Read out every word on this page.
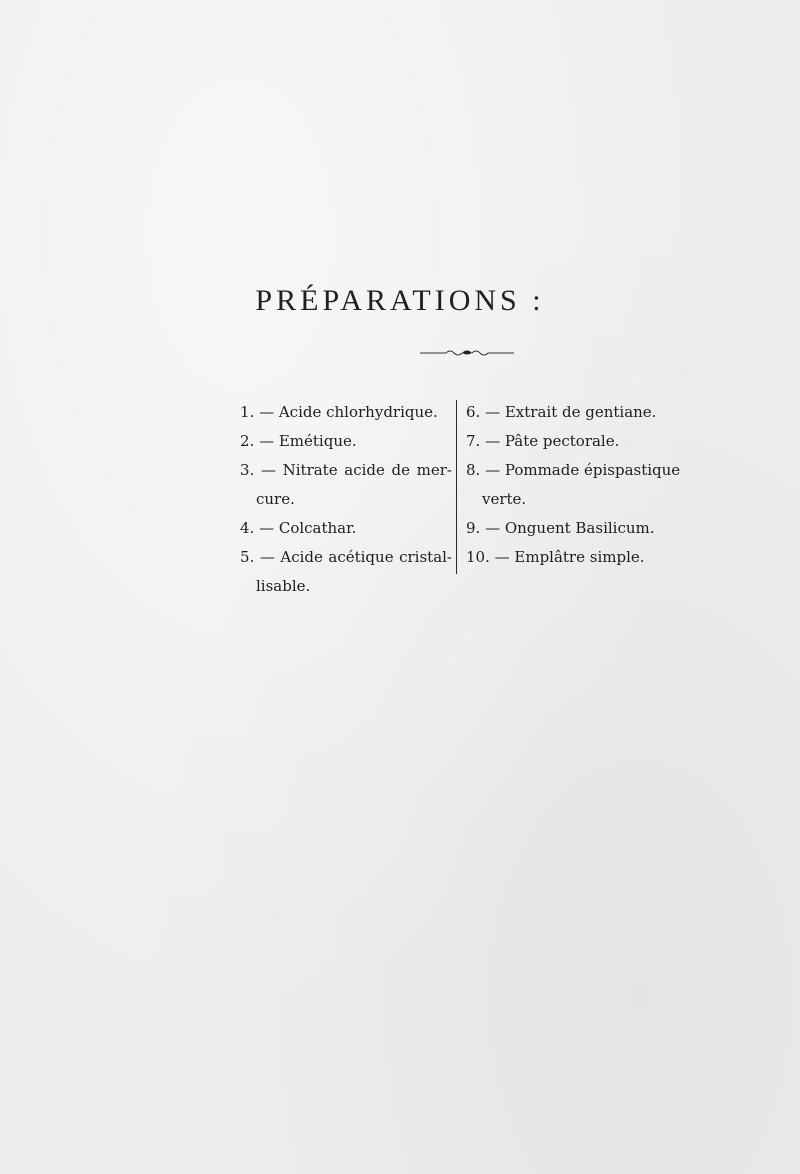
PRÉPARATIONS :

1. — Acide chlorhydrique.

2. — Emétique.

3. — Nitrate acide de mer-
cure.

4. — Colcathar.

5. — Acide acétique cristal-
lisable.

6. — Extrait de gentiane.

7. — Pâte pectorale.

8. — Pommade épispastique
verte.

9. — Onguent Basilicum.

10. — Emplâtre simple.
